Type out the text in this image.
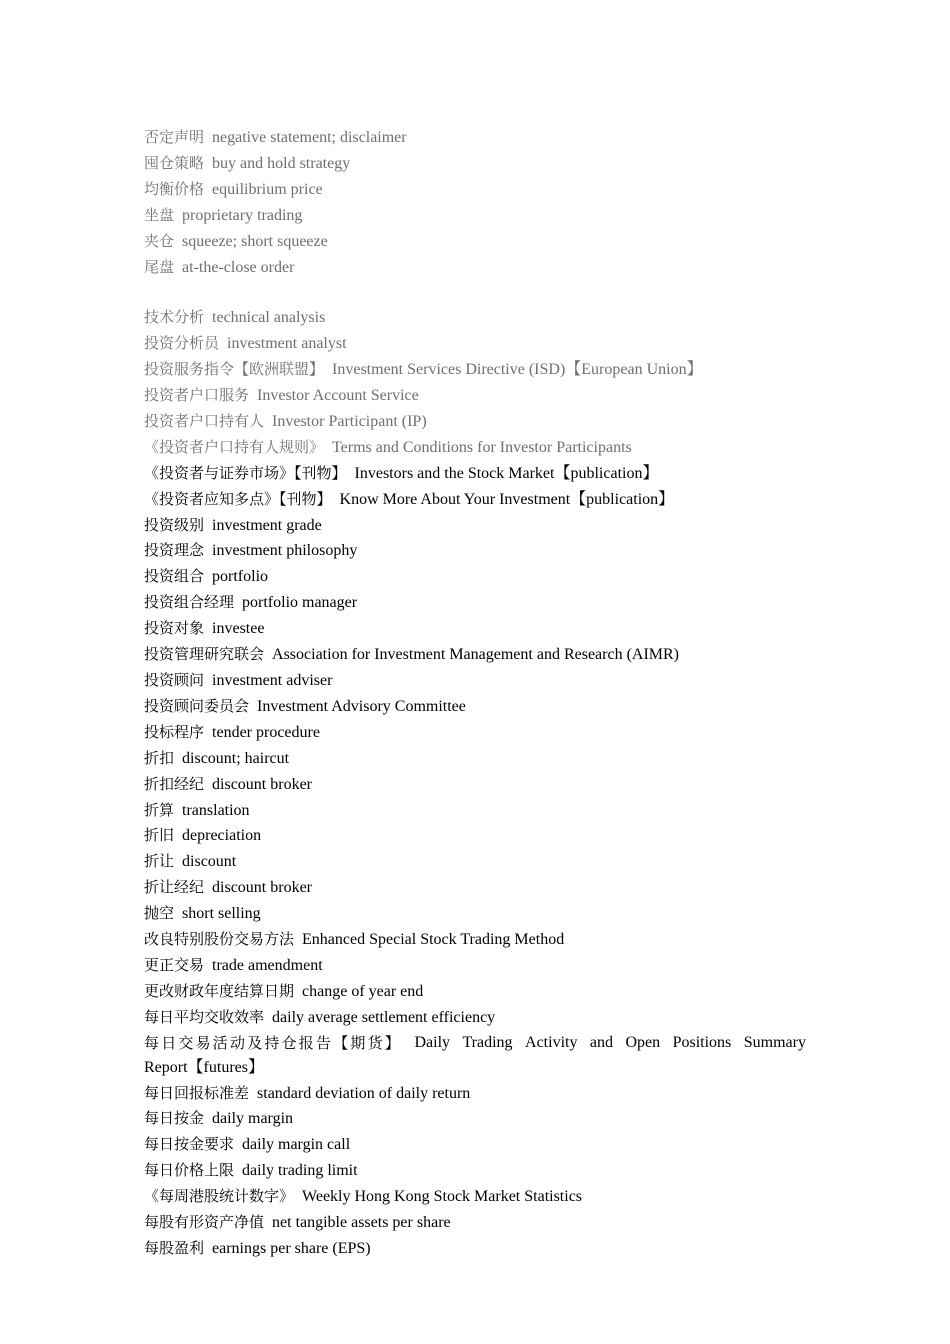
否定声明 negative statement; disclaimer
囤仓策略 buy and hold strategy
均衡价格 equilibrium price
坐盘 proprietary trading
夹仓 squeeze; short squeeze
尾盘 at-the-close order
技术分析 technical analysis
投资分析员 investment analyst
投资服务指令【欧洲联盟】 Investment Services Directive (ISD)【European Union】
投资者户口服务 Investor Account Service
投资者户口持有人 Investor Participant (IP)
《投资者户口持有人规则》 Terms and Conditions for Investor Participants
《投资者与证券市场》【刊物】 Investors and the Stock Market【publication】
《投资者应知多点》【刊物】 Know More About Your Investment【publication】
投资级别 investment grade
投资理念 investment philosophy
投资组合 portfolio
投资组合经理 portfolio manager
投资对象 investee
投资管理研究联会 Association for Investment Management and Research (AIMR)
投资顾问 investment adviser
投资顾问委员会 Investment Advisory Committee
投标程序 tender procedure
折扣 discount; haircut
折扣经纪 discount broker
折算 translation
折旧 depreciation
折让 discount
折让经纪 discount broker
抛空 short selling
改良特别股份交易方法 Enhanced Special Stock Trading Method
更正交易 trade amendment
更改财政年度结算日期 change of year end
每日平均交收效率 daily average settlement efficiency
每日交易活动及持仓报告【期货】 Daily Trading Activity and Open Positions Summary
Report【futures】
每日回报标准差 standard deviation of daily return
每日按金 daily margin
每日按金要求 daily margin call
每日价格上限 daily trading limit
《每周港股统计数字》 Weekly Hong Kong Stock Market Statistics
每股有形资产净值 net tangible assets per share
每股盈利 earnings per share (EPS)
